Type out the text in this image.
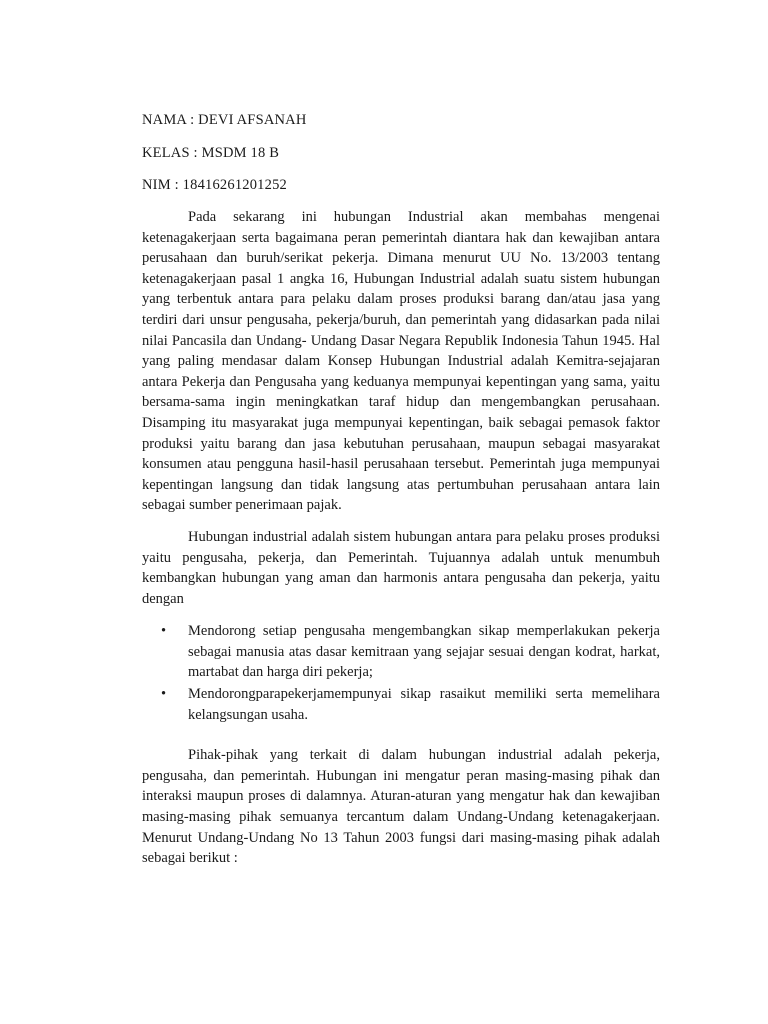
NAMA : DEVI AFSANAH

KELAS : MSDM 18 B

NIM : 18416261201252

Pada sekarang ini hubungan Industrial akan membahas mengenai ketenagakerjaan serta bagaimana peran pemerintah diantara hak dan kewajiban antara perusahaan dan buruh/serikat pekerja. Dimana menurut UU No. 13/2003 tentang ketenagakerjaan pasal 1 angka 16, Hubungan Industrial adalah suatu sistem hubungan yang terbentuk antara para pelaku dalam proses produksi barang dan/atau jasa yang terdiri dari unsur pengusaha, pekerja/buruh, dan pemerintah yang didasarkan pada nilai nilai Pancasila dan Undang- Undang Dasar Negara Republik Indonesia Tahun 1945. Hal yang paling mendasar dalam Konsep Hubungan Industrial adalah Kemitra-sejajaran antara Pekerja dan Pengusaha yang keduanya mempunyai kepentingan yang sama, yaitu bersama-sama ingin meningkatkan taraf hidup dan mengembangkan perusahaan. Disamping itu masyarakat juga mempunyai kepentingan, baik sebagai pemasok faktor produksi yaitu barang dan jasa kebutuhan perusahaan, maupun sebagai masyarakat konsumen atau pengguna hasil-hasil perusahaan tersebut. Pemerintah juga mempunyai kepentingan langsung dan tidak langsung atas pertumbuhan perusahaan antara lain sebagai sumber penerimaan pajak.

Hubungan industrial adalah sistem hubungan antara para pelaku proses produksi yaitu pengusaha, pekerja, dan Pemerintah. Tujuannya adalah untuk menumbuh kembangkan hubungan yang aman dan harmonis antara pengusaha dan pekerja, yaitu dengan

• Mendorong setiap pengusaha mengembangkan sikap memperlakukan pekerja sebagai manusia atas dasar kemitraan yang sejajar sesuai dengan kodrat, harkat, martabat dan harga diri pekerja;
• Mendorongparapekerjamempunyai sikap rasaikut memiliki serta memelihara kelangsungan usaha.

Pihak-pihak yang terkait di dalam hubungan industrial adalah pekerja, pengusaha, dan pemerintah. Hubungan ini mengatur peran masing-masing pihak dan interaksi maupun proses di dalamnya. Aturan-aturan yang mengatur hak dan kewajiban masing-masing pihak semuanya tercantum dalam Undang-Undang ketenagakerjaan. Menurut Undang-Undang No 13 Tahun 2003 fungsi dari masing-masing pihak adalah sebagai berikut :
